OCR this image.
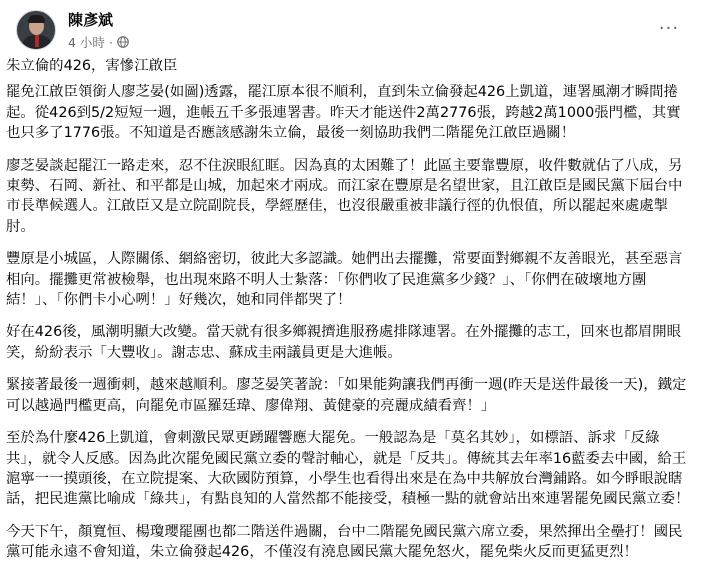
陳彥斌
4 小時 ·
···

朱立倫的426，害慘江啟臣

罷免江啟臣領銜人廖芝晏(如圖)透露，罷江原本很不順利，直到朱立倫發起426上凱道，連署風潮才瞬間捲起。從426到5/2短短一週，進帳五千多張連署書。昨天才能送件2萬2776張，跨越2萬1000張門檻，其實也只多了1776張。不知道是否應該感謝朱立倫，最後一刻協助我們二階罷免江啟臣過關！

廖芝晏談起罷江一路走來，忍不住淚眼紅眶。因為真的太困難了！此區主要靠豐原，收件數就佔了八成，另東勢、石岡、新社、和平都是山城，加起來才兩成。而江家在豐原是名望世家，且江啟臣是國民黨下屆台中市長準候選人。江啟臣又是立院副院長，學經歷佳，也沒很嚴重被非議行徑的仇恨值，所以罷起來處處掣肘。

豐原是小城區，人際關係、網絡密切，彼此大多認識。她們出去擺攤，常要面對鄉親不友善眼光，甚至惡言相向。擺攤更常被檢舉，也出現來路不明人士紮落：「你們收了民進黨多少錢？」、「你們在破壞地方團結！」、「你們卡小心咧！」好幾次，她和同伴都哭了！

好在426後，風潮明顯大改變。當天就有很多鄉親擠進服務處排隊連署。在外擺攤的志工，回來也都眉開眼笑，紛紛表示「大豐收」。謝志忠、蘇成圭兩議員更是大進帳。

緊接著最後一週衝刺，越來越順利。廖芝晏笑著說：「如果能夠讓我們再衝一週(昨天是送件最後一天)，鐵定可以越過門檻更高，向罷免市區羅廷瑋、廖偉翔、黃健豪的亮麗成績看齊！」

至於為什麼426上凱道，會刺激民眾更踴躍響應大罷免。一般認為是「莫名其妙」，如標語、訴求「反綠共」，就令人反感。因為此次罷免國民黨立委的聲討軸心，就是「反共」。傳統其去年率16藍委去中國，給王滬寧一一摸頭後，在立院提案、大砍國防預算，小學生也看得出來是在為中共解放台灣鋪路。如今睜眼說瞎話，把民進黨比喻成「綠共」，有點良知的人當然都不能接受，積極一點的就會站出來連署罷免國民黨立委！

今天下午，顏寬恒、楊瓊瓔罷團也都二階送件過關，台中二階罷免國民黨六席立委，果然揮出全壘打！國民黨可能永遠不會知道，朱立倫發起426，不僅沒有澆息國民黨大罷免怒火，罷免柴火反而更猛更烈！
